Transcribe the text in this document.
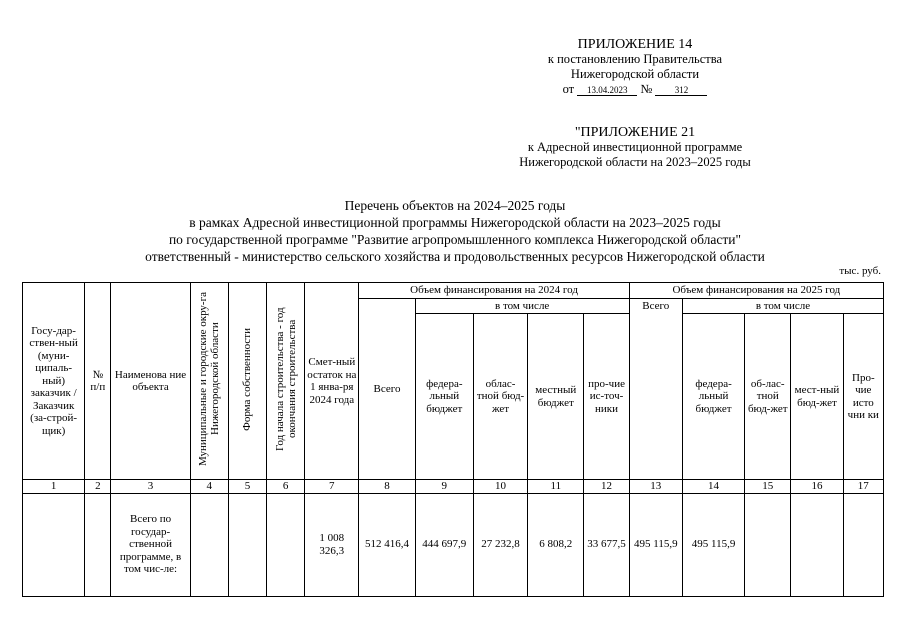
ПРИЛОЖЕНИЕ 14
к постановлению Правительства
Нижегородской области
от 13.04.2023 № 312
"ПРИЛОЖЕНИЕ 21
к Адресной инвестиционной программе
Нижегородской области на 2023–2025 годы
Перечень объектов на 2024–2025 годы
в рамках Адресной инвестиционной программы Нижегородской области на 2023–2025 годы
по государственной программе "Развитие агропромышленного комплекса Нижегородской области"
ответственный - министерство сельского хозяйства и продовольственных ресурсов Нижегородской области
тыс. руб.
Госу-дар-ствен-ный (муни-ципаль-ный) заказчик / Заказчик (за-строй-щик)	№ п/п	Наименова ние объекта	Муниципальные и городские окру-га Нижегородской области	Форма собственности	Год начала строительства - год окончания строительства	Смет-ный остаток на 1 янва-ря 2024 года	Объем финансирования на 2024 год					Объем финансирования на 2025 год				
							Всего	в том числе				Всего	в том числе			
								федера-льный бюджет	облас-тной бюд-жет	местный бюджет	про-чие ис-точ-ники		федера-льный бюджет	об-лас-тной бюд-жет	мест-ный бюд-жет	Про-чие исто чни ки
1	2	3	4	5	6	7	8	9	10	11	12	13	14	15	16	17
		Всего по государ-ственной программе, в том чис-ле:				1 008 326,3	512 416,4	444 697,9	27 232,8	6 808,2	33 677,5	495 115,9	495 115,9			
